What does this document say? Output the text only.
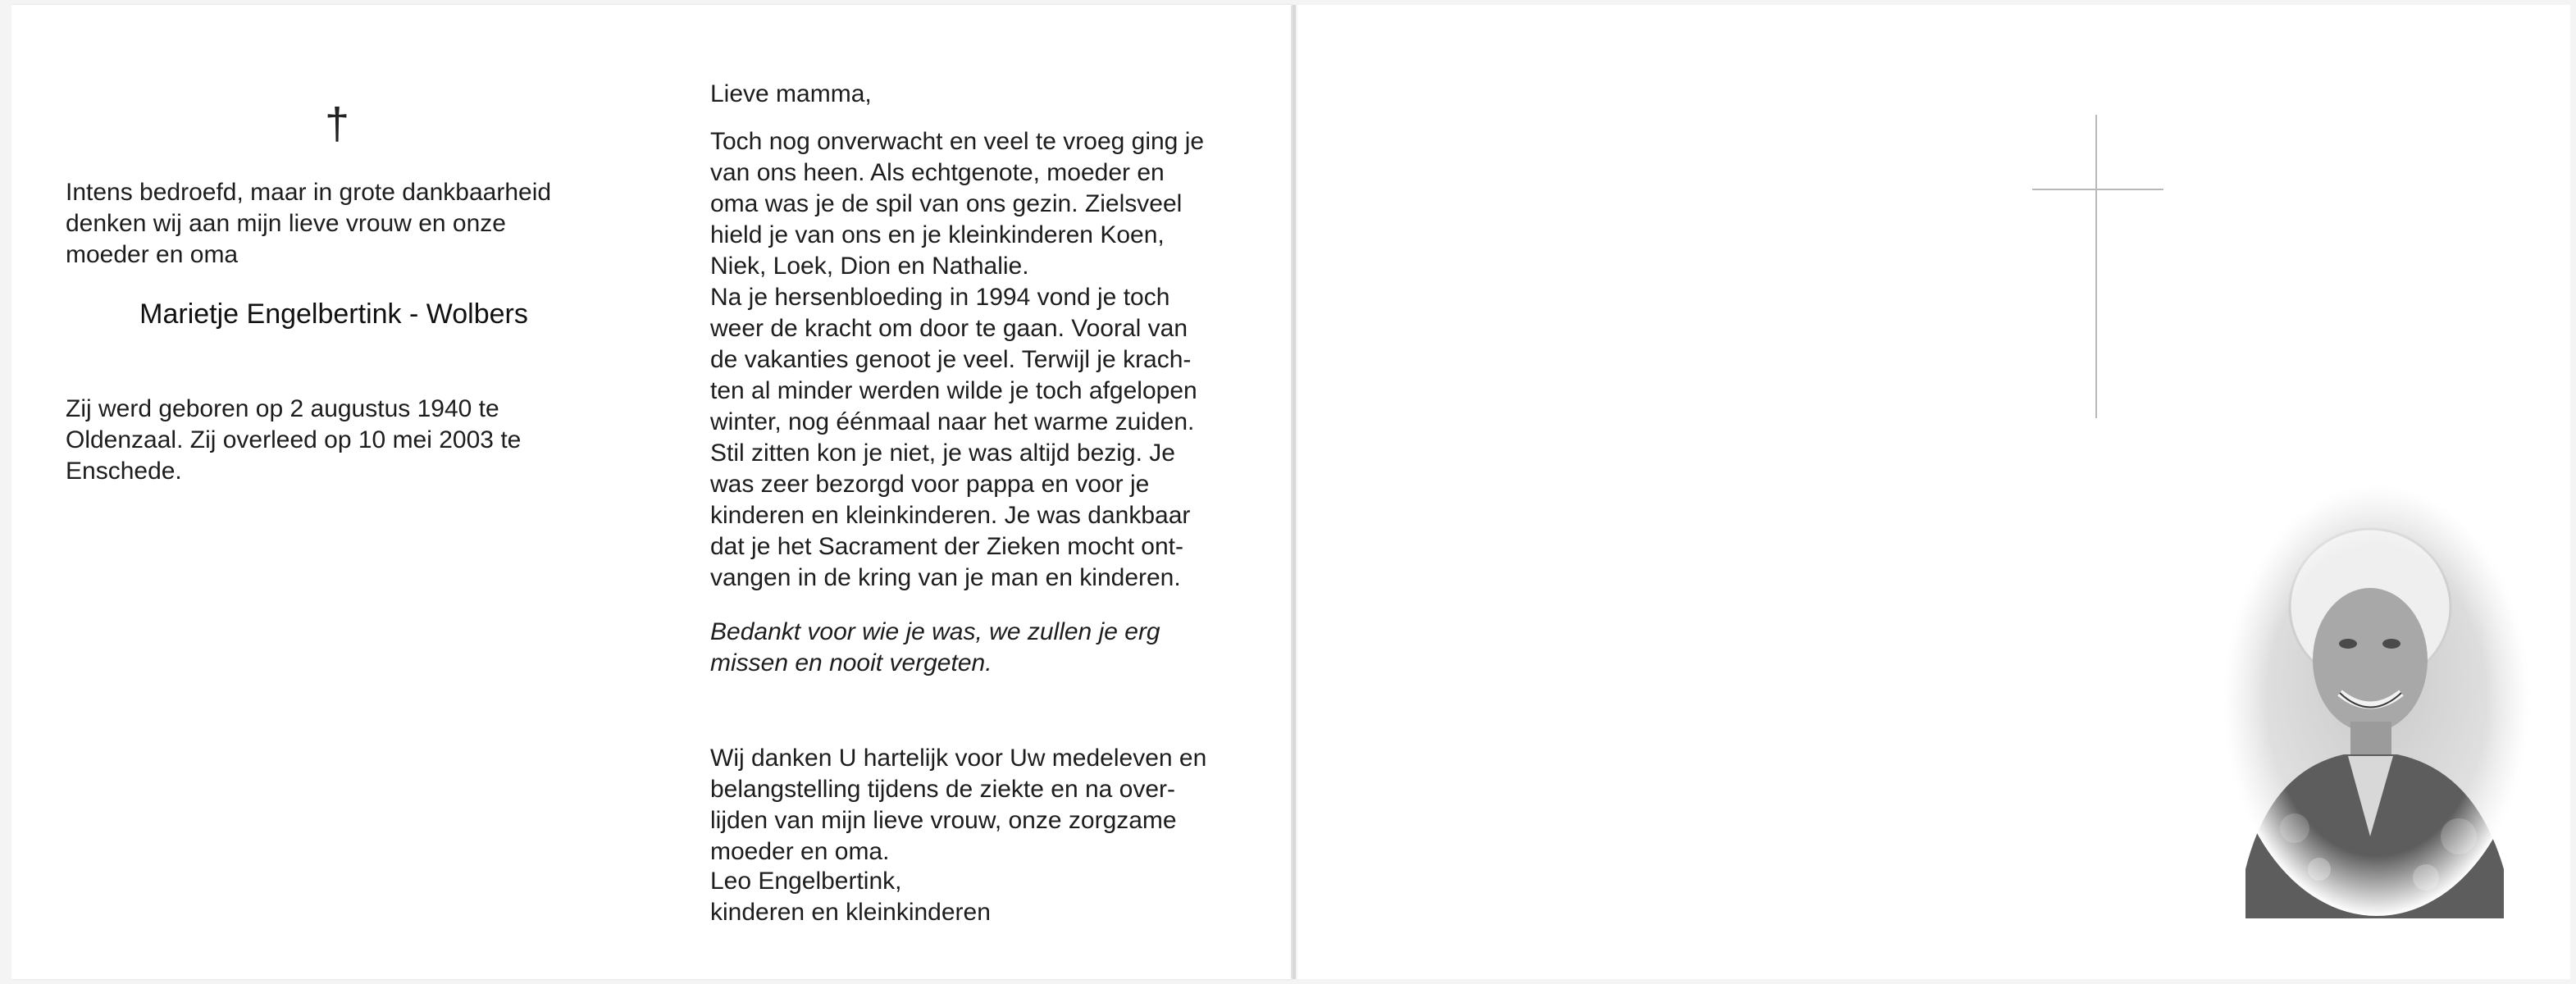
†

Intens bedroefd, maar in grote dankbaarheid

denken wij aan mijn lieve vrouw en onze

moeder en oma

Marietje Engelbertink - Wolbers

Zij werd geboren op 2 augustus 1940 te

Oldenzaal. Zij overleed op 10 mei 2003 te

Enschede.

Lieve mamma,

Toch nog onverwacht en veel te vroeg ging je

van ons heen. Als echtgenote, moeder en

oma was je de spil van ons gezin. Zielsveel

hield je van ons en je kleinkinderen Koen,

Niek, Loek, Dion en Nathalie.

Na je hersenbloeding in 1994 vond je toch

weer de kracht om door te gaan. Vooral van

de vakanties genoot je veel. Terwijl je krach-

ten al minder werden wilde je toch afgelopen

winter, nog éénmaal naar het warme zuiden.

Stil zitten kon je niet, je was altijd bezig. Je

was zeer bezorgd voor pappa en voor je

kinderen en kleinkinderen. Je was dankbaar

dat je het Sacrament der Zieken mocht ont-

vangen in de kring van je man en kinderen.

Bedankt voor wie je was, we zullen je erg

missen en nooit vergeten.

Wij danken U hartelijk voor Uw medeleven en

belangstelling tijdens de ziekte en na over-

lijden van mijn lieve vrouw, onze zorgzame

moeder en oma.

Leo Engelbertink,

kinderen en kleinkinderen
